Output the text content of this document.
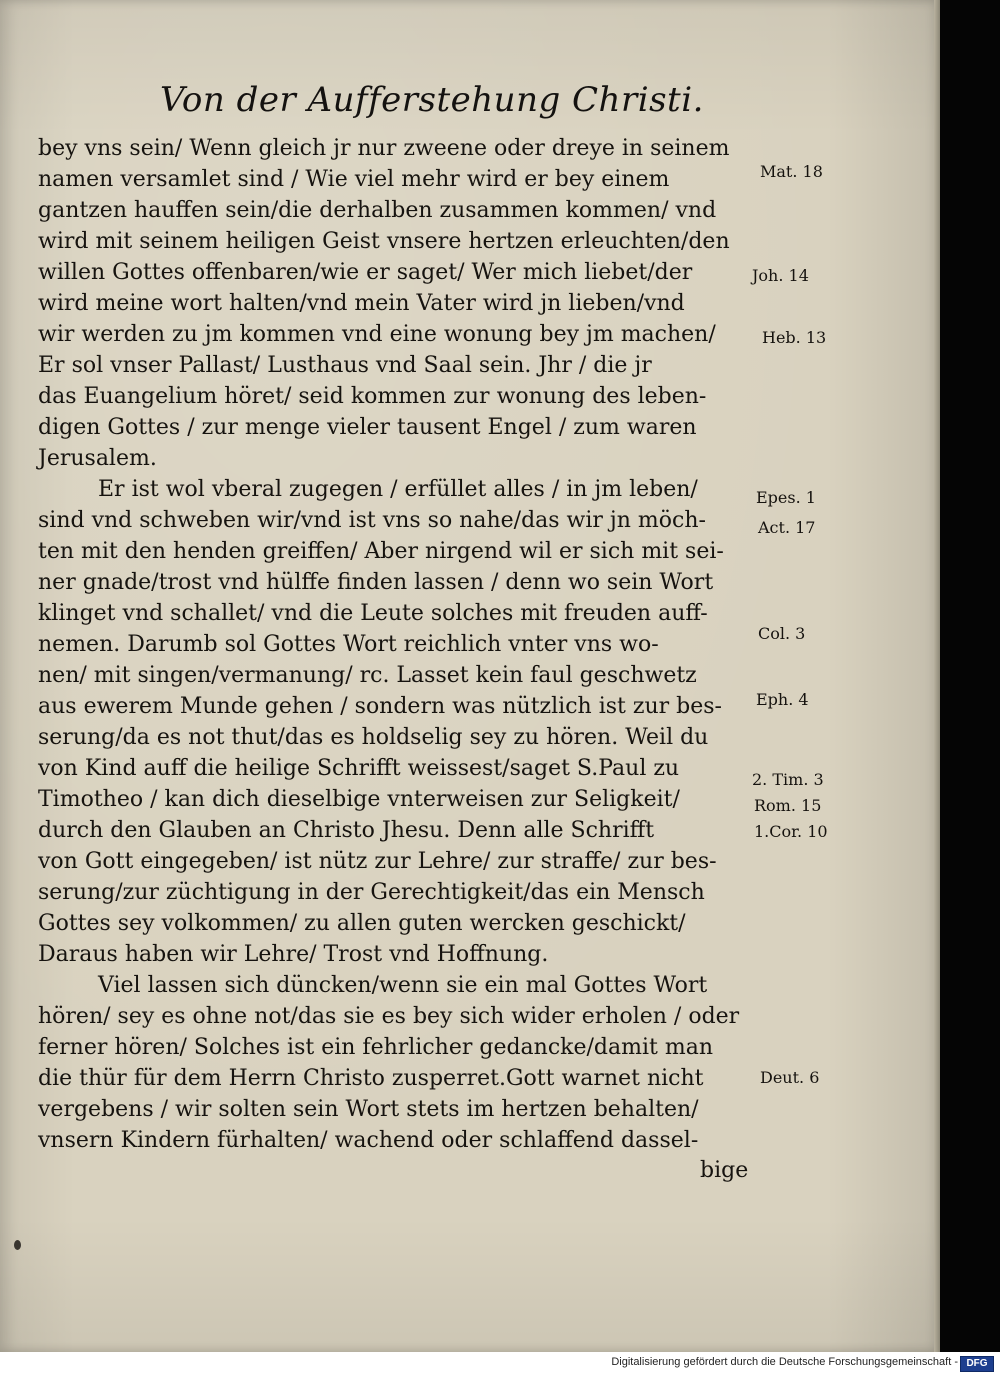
Von der Aufferstehung Christi.
bey vns sein/ Wenn gleich jr nur zweene oder dreye in seinem
namen versamlet sind / Wie viel mehr wird er bey einem
gantzen hauffen sein/die derhalben zusammen kommen/ vnd
wird mit seinem heiligen Geist vnsere hertzen erleuchten/den
willen Gottes offenbaren/wie er saget/ Wer mich liebet/der
wird meine wort halten/vnd mein Vater wird jn lieben/vnd
wir werden zu jm kommen vnd eine wonung bey jm machen/
Er sol vnser Pallast/ Lusthaus vnd Saal sein. Jhr / die jr
das Euangelium höret/ seid kommen zur wonung des leben-
digen Gottes / zur menge vieler tausent Engel / zum waren
Jerusalem.
Er ist wol vberal zugegen / erfüllet alles / in jm leben/
sind vnd schweben wir/vnd ist vns so nahe/das wir jn möch-
ten mit den henden greiffen/ Aber nirgend wil er sich mit sei-
ner gnade/trost vnd hülffe finden lassen / denn wo sein Wort
klinget vnd schallet/ vnd die Leute solches mit freuden auff-
nemen. Darumb sol Gottes Wort reichlich vnter vns wo-
nen/ mit singen/vermanung/ rc. Lasset kein faul geschwetz
aus ewerem Munde gehen / sondern was nützlich ist zur bes-
serung/da es not thut/das es holdselig sey zu hören. Weil du
von Kind auff die heilige Schrifft weissest/saget S.Paul zu
Timotheo / kan dich dieselbige vnterweisen zur Seligkeit/
durch den Glauben an Christo Jhesu. Denn alle Schrifft
von Gott eingegeben/ ist nütz zur Lehre/ zur straffe/ zur bes-
serung/zur züchtigung in der Gerechtigkeit/das ein Mensch
Gottes sey volkommen/ zu allen guten wercken geschickt/
Daraus haben wir Lehre/ Trost vnd Hoffnung.
Viel lassen sich düncken/wenn sie ein mal Gottes Wort
hören/ sey es ohne not/das sie es bey sich wider erholen / oder
ferner hören/ Solches ist ein fehrlicher gedancke/damit man
die thür für dem Herrn Christo zusperret.Gott warnet nicht
vergebens / wir solten sein Wort stets im hertzen behalten/
vnsern Kindern fürhalten/ wachend oder schlaffend dassel-
bige
Mat. 18
Joh. 14
Heb. 13
Epes. 1
Act. 17
Col. 3
Eph. 4
2. Tim. 3
Rom. 15
1.Cor. 10
Deut. 6
Digitalisierung gefördert durch die Deutsche Forschungsgemeinschaft - DFG
